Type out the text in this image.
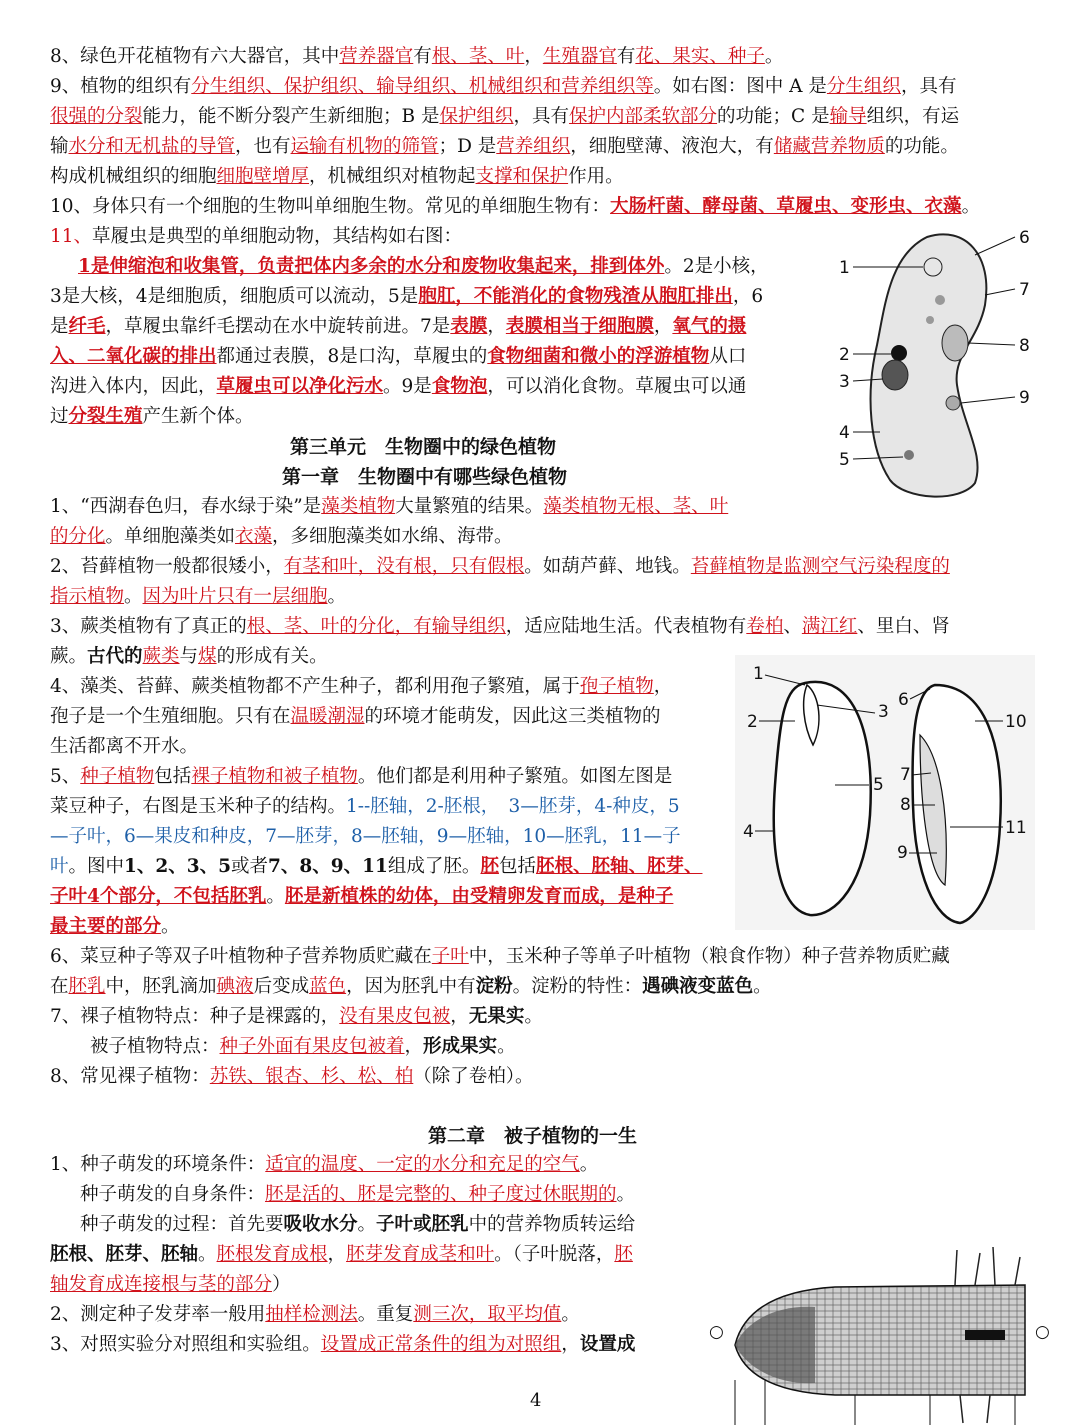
8、绿色开花植物有六大器官，其中营养器官有根、茎、叶，生殖器官有花、果实、种子。
9、植物的组织有分生组织、保护组织、输导组织、机械组织和营养组织等。如右图：图中 A 是分生组织，具有
很强的分裂能力，能不断分裂产生新细胞；B 是保护组织，具有保护内部柔软部分的功能；C 是输导组织，有运
输水分和无机盐的导管，也有运输有机物的筛管；D 是营养组织，细胞壁薄、液泡大，有储藏营养物质的功能。
构成机械组织的细胞细胞壁增厚，机械组织对植物起支撑和保护作用。
10、身体只有一个细胞的生物叫单细胞生物。常见的单细胞生物有：大肠杆菌、酵母菌、草履虫、变形虫、衣藻。
11、草履虫是典型的单细胞动物，其结构如右图：
1是伸缩泡和收集管，负责把体内多余的水分和废物收集起来，排到体外。2是小核，
3是大核，4是细胞质，细胞质可以流动，5是胞肛，不能消化的食物残渣从胞肛排出，6
是纤毛，草履虫靠纤毛摆动在水中旋转前进。7是表膜，表膜相当于细胞膜，氧气的摄
入、二氧化碳的排出都通过表膜，8是口沟，草履虫的食物细菌和微小的浮游植物从口
沟进入体内，因此，草履虫可以净化污水。9是食物泡，可以消化食物。草履虫可以通
过分裂生殖产生新个体。
1
2
3
4
5
6
7
8
9
第三单元　生物圈中的绿色植物
第一章　生物圈中有哪些绿色植物
1、“西湖春色归，春水绿于染”是藻类植物大量繁殖的结果。藻类植物无根、茎、叶
的分化。单细胞藻类如衣藻，多细胞藻类如水绵、海带。
2、苔藓植物一般都很矮小，有茎和叶，没有根，只有假根。如葫芦藓、地钱。苔藓植物是监测空气污染程度的
指示植物。因为叶片只有一层细胞。
3、蕨类植物有了真正的根、茎、叶的分化，有输导组织，适应陆地生活。代表植物有卷柏、满江红、里白、肾
蕨。古代的蕨类与煤的形成有关。
4、藻类、苔藓、蕨类植物都不产生种子，都利用孢子繁殖，属于孢子植物，
孢子是一个生殖细胞。只有在温暖潮湿的环境才能萌发，因此这三类植物的
生活都离不开水。
5、种子植物包括裸子植物和被子植物。他们都是利用种子繁殖。如图左图是
菜豆种子，右图是玉米种子的结构。1--胚轴，2-胚根，　3—胚芽，4-种皮，5
—子叶，6—果皮和种皮，7—胚芽，8—胚轴，9—胚轴，10—胚乳，11—子
叶。图中1、2、3、5或者7、8、9、11组成了胚。胚包括胚根、胚轴、胚芽、
子叶4个部分，不包括胚乳。胚是新植株的幼体，由受精卵发育而成，是种子
最主要的部分。
1
2	3
4
5
6
7
8
9
10
11
6、菜豆种子等双子叶植物种子营养物质贮藏在子叶中，玉米种子等单子叶植物（粮食作物）种子营养物质贮藏
在胚乳中，胚乳滴加碘液后变成蓝色，因为胚乳中有淀粉。淀粉的特性：遇碘液变蓝色。
7、裸子植物特点：种子是裸露的，没有果皮包被，无果实。
被子植物特点：种子外面有果皮包被着，形成果实。
8、常见裸子植物：苏铁、银杏、杉、松、柏（除了卷柏）。
第二章　被子植物的一生
1、种子萌发的环境条件：适宜的温度、一定的水分和充足的空气。
种子萌发的自身条件：胚是活的、胚是完整的、种子度过休眠期的。
种子萌发的过程：首先要吸收水分。子叶或胚乳中的营养物质转运给
胚根、胚芽、胚轴。胚根发育成根，胚芽发育成茎和叶。（子叶脱落，胚
轴发育成连接根与茎的部分）
2、测定种子发芽率一般用抽样检测法。重复测三次，取平均值。
3、对照实验分对照组和实验组。设置成正常条件的组为对照组，设置成
○	○
4
